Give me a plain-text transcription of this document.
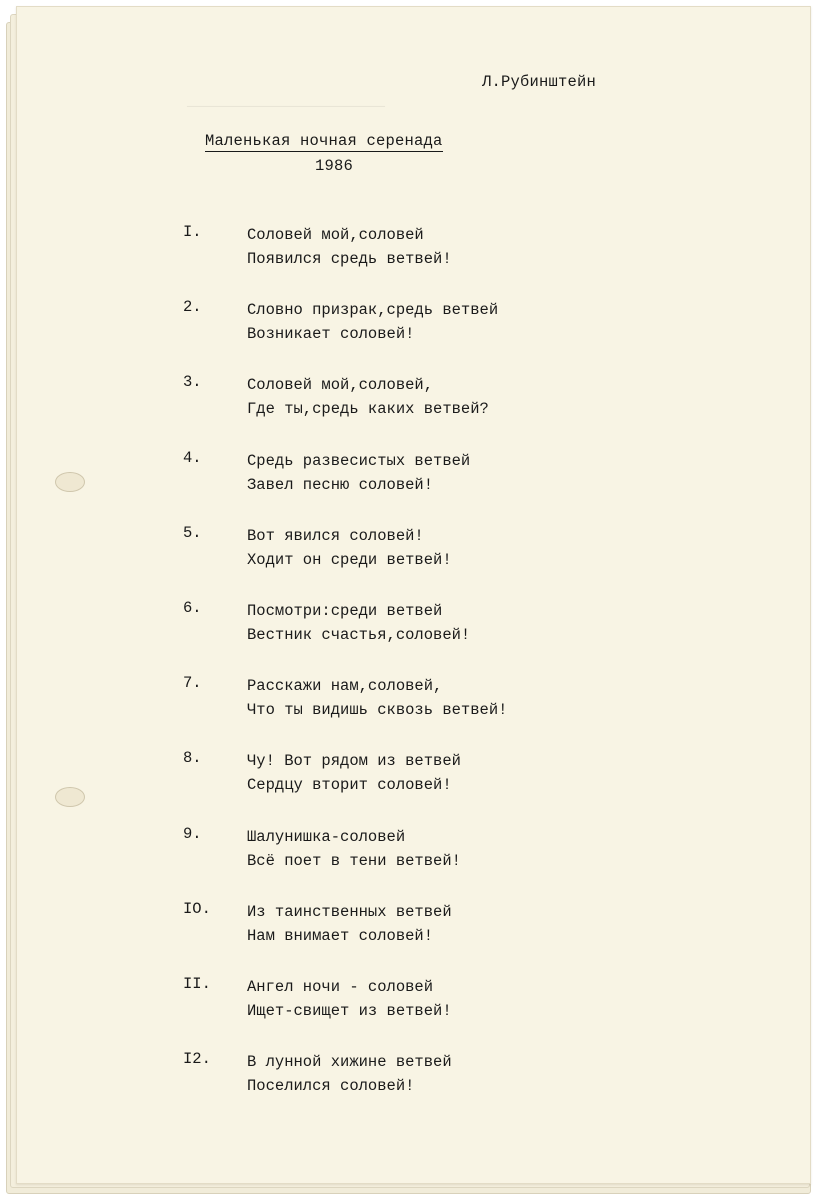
──────────────────────
Л.Рубинштейн
Маленькая ночная серенада
1986
I.	Соловей мой,соловей
Появился средь ветвей!
2.	Словно призрак,средь ветвей
Возникает соловей!
3.	Соловей мой,соловей,
Где ты,средь каких ветвей?
4.	Средь развесистых ветвей
Завел песню соловей!
5.	Вот явился соловей!
Ходит он среди ветвей!
6.	Посмотри:среди ветвей
Вестник счастья,соловей!
7.	Расскажи нам,соловей,
Что ты видишь сквозь ветвей!
8.	Чу! Вот рядом из ветвей
Сердцу вторит соловей!
9.	Шалунишка-соловей
Всё поет в тени ветвей!
IO.	Из таинственных ветвей
Нам внимает соловей!
II.	Ангел ночи - соловей
Ищет-свищет из ветвей!
I2.	В лунной хижине ветвей
Поселился соловей!
